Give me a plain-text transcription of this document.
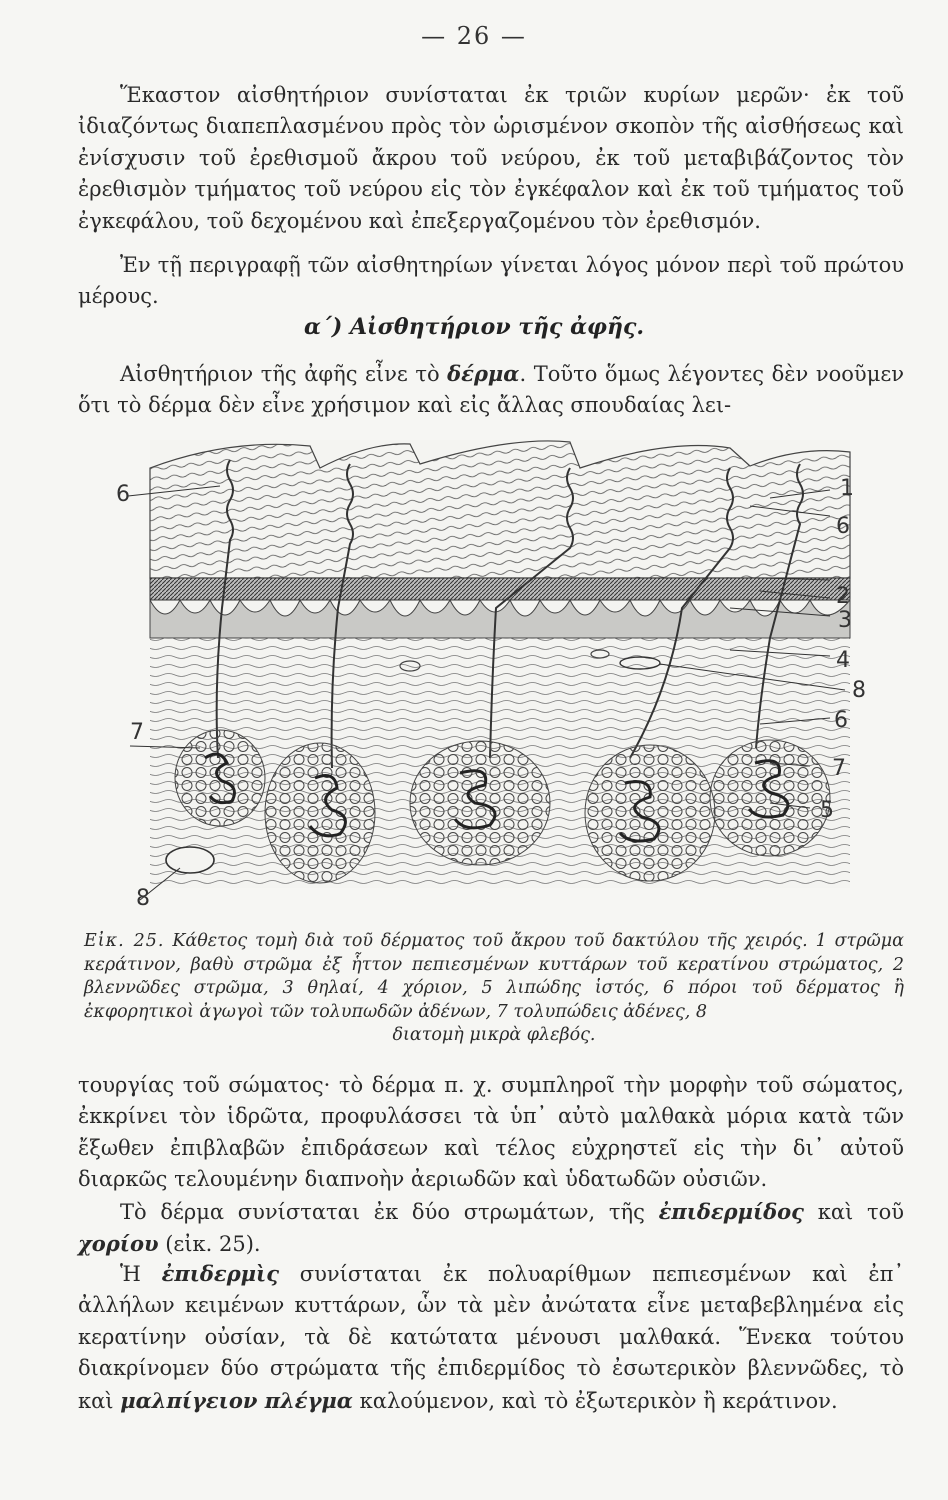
— 26 —

Ἕκαστον αἰσθητήριον συνίσταται ἐκ τριῶν κυρίων μερῶν· ἐκ τοῦ ἰδιαζόντως διαπεπλασμένου πρὸς τὸν ὡρισμένον σκοπὸν τῆς αἰσθήσεως καὶ ἐνίσχυσιν τοῦ ἐρεθισμοῦ ἄκρου τοῦ νεύρου, ἐκ τοῦ μεταβιβάζοντος τὸν ἐρεθισμὸν τμήματος τοῦ νεύρου εἰς τὸν ἐγκέφαλον καὶ ἐκ τοῦ τμήματος τοῦ ἐγκεφάλου, τοῦ δεχομένου καὶ ἐπεξεργαζομένου τὸν ἐρεθισμόν.

Ἐν τῇ περιγραφῇ τῶν αἰσθητηρίων γίνεται λόγος μόνον περὶ τοῦ πρώτου μέρους.

α΄) Αἰσθητήριον τῆς ἀφῆς.

Αἰσθητήριον τῆς ἀφῆς εἶνε τὸ δέρμα. Τοῦτο ὅμως λέγοντες δὲν νοοῦμεν ὅτι τὸ δέρμα δὲν εἶνε χρήσιμον καὶ εἰς ἄλλας σπουδαίας λει-

6	1
6
2
3
4
8
6
7
7
5
8

Εἰκ. 25. Κάθετος τομὴ διὰ τοῦ δέρματος τοῦ ἄκρου τοῦ δακτύλου τῆς χειρός. 1 στρῶμα κεράτινον, βαθὺ στρῶμα ἐξ ἧττον πεπιεσμένων κυττάρων τοῦ κερατίνου στρώματος, 2 βλεννῶδες στρῶμα, 3 θηλαί, 4 χόριον, 5 λιπώδης ἱστός, 6 πόροι τοῦ δέρματος ἢ ἐκφορητικοὶ ἀγωγοὶ τῶν τολυπωδῶν ἀδένων, 7 τολυπώδεις ἀδένες, 8
διατομὴ μικρὰ φλεβός.

τουργίας τοῦ σώματος· τὸ δέρμα π. χ. συμπληροῖ τὴν μορφὴν τοῦ σώματος, ἐκκρίνει τὸν ἱδρῶτα, προφυλάσσει τὰ ὑπ᾽ αὐτὸ μαλθακὰ μόρια κατὰ τῶν ἔξωθεν ἐπιβλαβῶν ἐπιδράσεων καὶ τέλος εὐχρηστεῖ εἰς τὴν δι᾽ αὐτοῦ διαρκῶς τελουμένην διαπνοὴν ἀεριωδῶν καὶ ὑδατωδῶν οὐσιῶν.

Τὸ δέρμα συνίσταται ἐκ δύο στρωμάτων, τῆς ἐπιδερμίδος καὶ τοῦ χορίου (εἰκ. 25).

Ἡ ἐπιδερμὶς συνίσταται ἐκ πολυαρίθμων πεπιεσμένων καὶ ἐπ᾽ ἀλλήλων κειμένων κυττάρων, ὧν τὰ μὲν ἀνώτατα εἶνε μεταβεβλημένα εἰς κερατίνην οὐσίαν, τὰ δὲ κατώτατα μένουσι μαλθακά. Ἕνεκα τούτου διακρίνομεν δύο στρώματα τῆς ἐπιδερμίδος τὸ ἐσωτερικὸν βλεννῶδες, τὸ καὶ μαλπίγειον πλέγμα καλούμενον, καὶ τὸ ἐξωτερικὸν ἢ κεράτινον.
